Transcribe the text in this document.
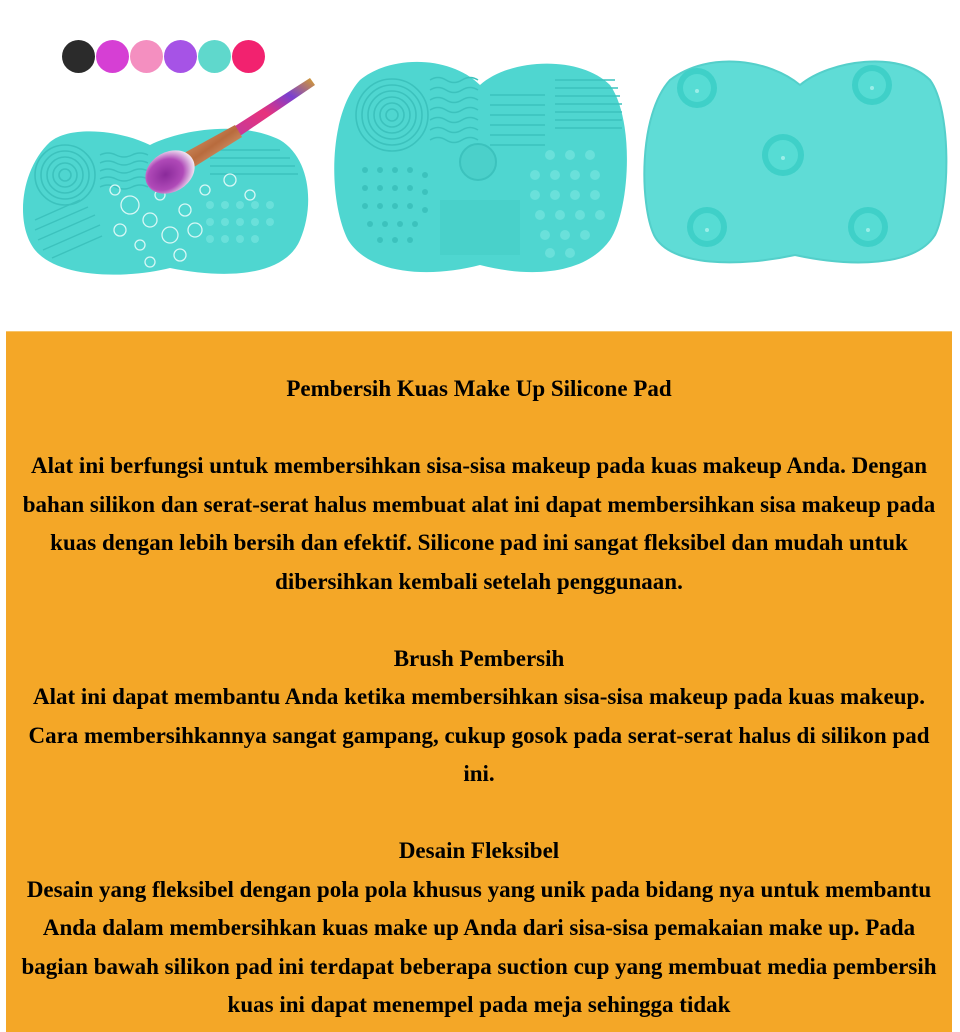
Pembersih Kuas Make Up Silicone Pad

Alat ini berfungsi untuk membersihkan sisa-sisa makeup pada kuas makeup Anda. Dengan bahan silikon dan serat-serat halus membuat alat ini dapat membersihkan sisa makeup pada kuas dengan lebih bersih dan efektif. Silicone pad ini sangat fleksibel dan mudah untuk dibersihkan kembali setelah penggunaan.

Brush Pembersih

Alat ini dapat membantu Anda ketika membersihkan sisa-sisa makeup pada kuas makeup. Cara membersihkannya sangat gampang, cukup gosok pada serat-serat halus di silikon pad ini.

Desain Fleksibel

Desain yang fleksibel dengan pola pola khusus yang unik pada bidang nya untuk membantu Anda dalam membersihkan kuas make up Anda dari sisa-sisa pemakaian make up. Pada bagian bawah silikon pad ini terdapat beberapa suction cup yang membuat media pembersih kuas ini dapat menempel pada meja sehingga tidak
